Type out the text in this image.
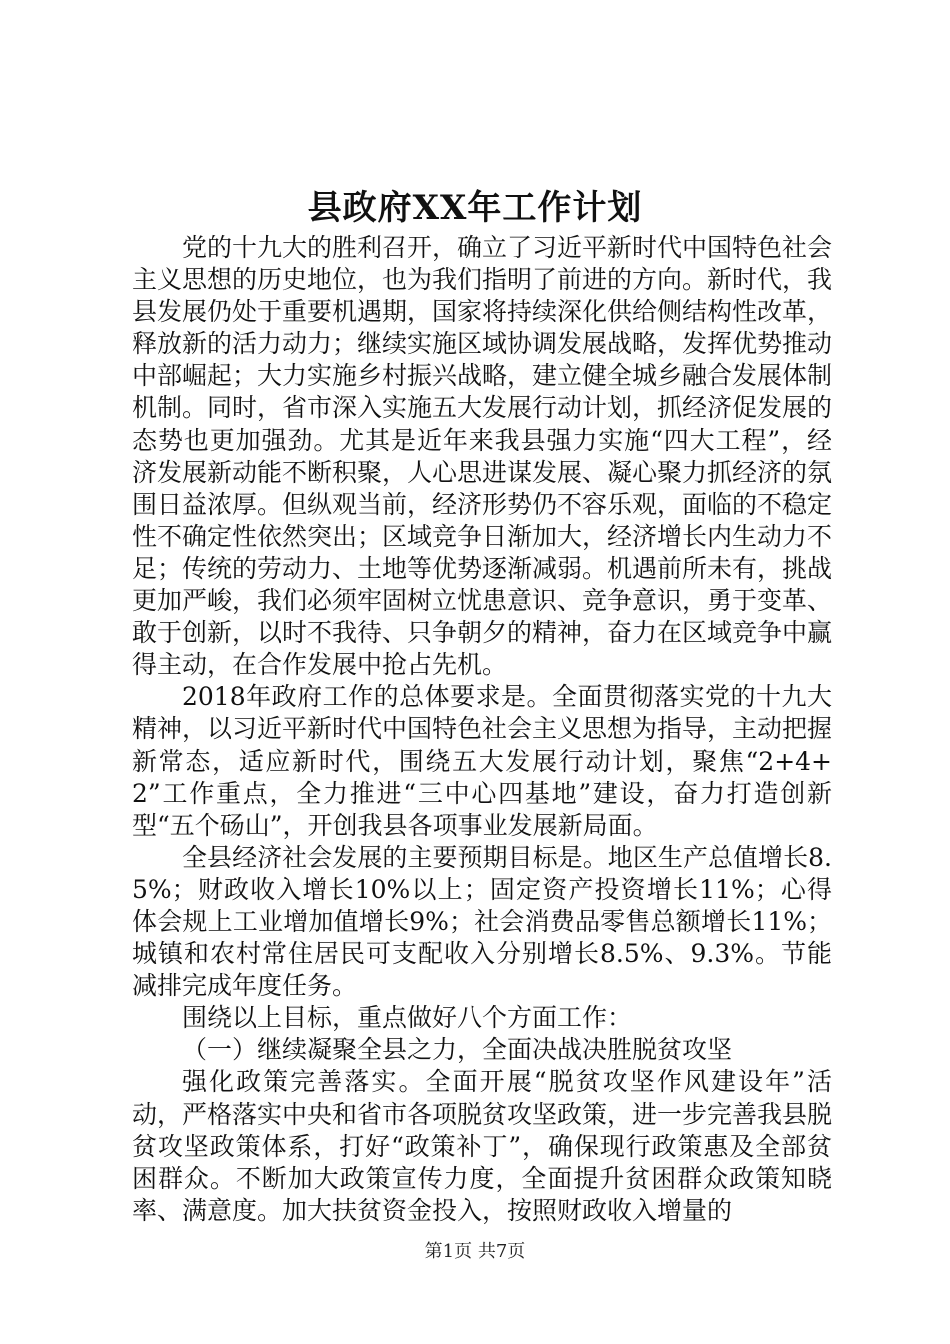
县政府XX年工作计划

党的十九大的胜利召开，确立了习近平新时代中国特色社会主义思想的历史地位，也为我们指明了前进的方向。新时代，我县发展仍处于重要机遇期，国家将持续深化供给侧结构性改革，释放新的活力动力；继续实施区域协调发展战略，发挥优势推动中部崛起；大力实施乡村振兴战略，建立健全城乡融合发展体制机制。同时，省市深入实施五大发展行动计划，抓经济促发展的态势也更加强劲。尤其是近年来我县强力实施“四大工程”，经济发展新动能不断积聚，人心思进谋发展、凝心聚力抓经济的氛围日益浓厚。但纵观当前，经济形势仍不容乐观，面临的不稳定性不确定性依然突出；区域竞争日渐加大，经济增长内生动力不足；传统的劳动力、土地等优势逐渐减弱。机遇前所未有，挑战更加严峻，我们必须牢固树立忧患意识、竞争意识，勇于变革、敢于创新，以时不我待、只争朝夕的精神，奋力在区域竞争中赢得主动，在合作发展中抢占先机。

2018年政府工作的总体要求是。全面贯彻落实党的十九大精神，以习近平新时代中国特色社会主义思想为指导，主动把握新常态，适应新时代，围绕五大发展行动计划，聚焦“2+4+2”工作重点，全力推进“三中心四基地”建设，奋力打造创新型“五个砀山”，开创我县各项事业发展新局面。

全县经济社会发展的主要预期目标是。地区生产总值增长8.5%；财政收入增长10%以上；固定资产投资增长11%；心得体会规上工业增加值增长9%；社会消费品零售总额增长11%；城镇和农村常住居民可支配收入分别增长8.5%、9.3%。节能减排完成年度任务。

围绕以上目标，重点做好八个方面工作：

（一）继续凝聚全县之力，全面决战决胜脱贫攻坚

强化政策完善落实。全面开展“脱贫攻坚作风建设年”活动，严格落实中央和省市各项脱贫攻坚政策，进一步完善我县脱贫攻坚政策体系，打好“政策补丁”，确保现行政策惠及全部贫困群众。不断加大政策宣传力度，全面提升贫困群众政策知晓率、满意度。加大扶贫资金投入，按照财政收入增量的

第1页 共7页
